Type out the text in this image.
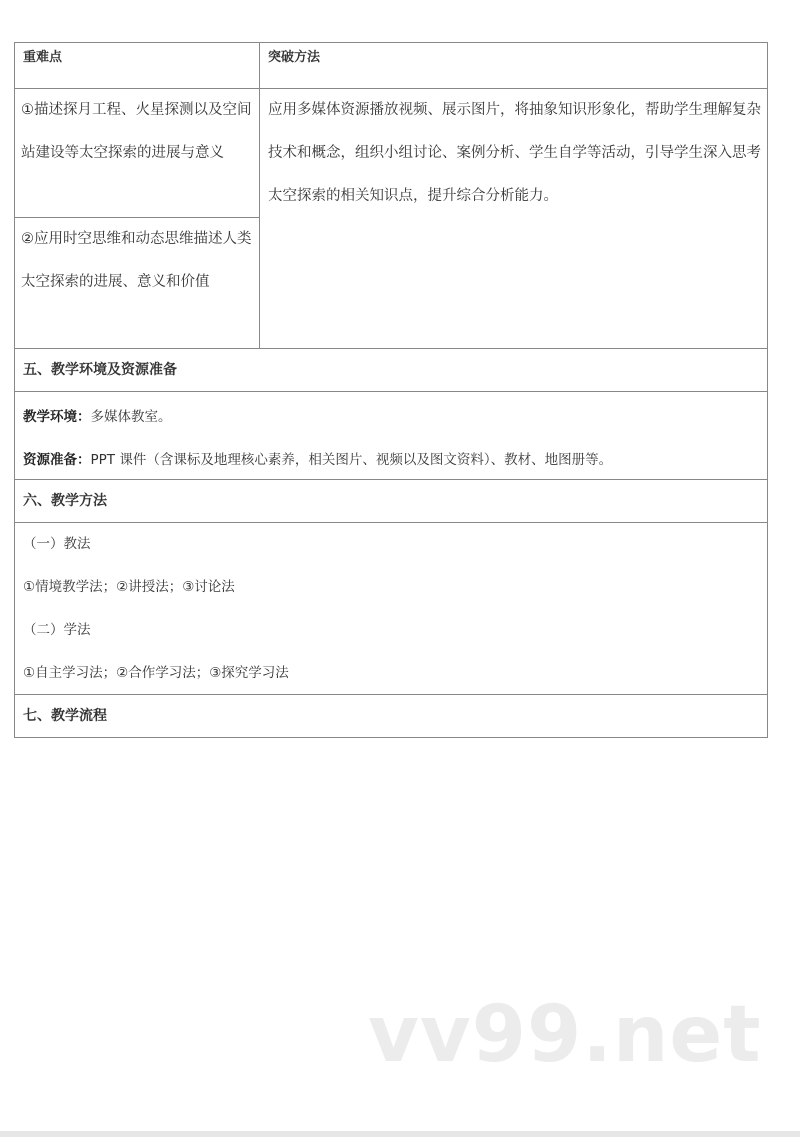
重难点	突破方法
①描述探月工程、火星探测以及空间站建设等太空探索的进展与意义
②应用时空思维和动态思维描述人类太空探索的进展、意义和价值
应用多媒体资源播放视频、展示图片，将抽象知识形象化，帮助学生理解复杂技术和概念，组织小组讨论、案例分析、学生自学等活动，引导学生深入思考太空探索的相关知识点，提升综合分析能力。
五、教学环境及资源准备

教学环境：多媒体教室。

资源准备：PPT 课件（含课标及地理核心素养，相关图片、视频以及图文资料）、教材、地图册等。

六、教学方法

（一）教法

①情境教学法；②讲授法；③讨论法

（二）学法

①自主学习法；②合作学习法；③探究学习法

七、教学流程
vv99.net
